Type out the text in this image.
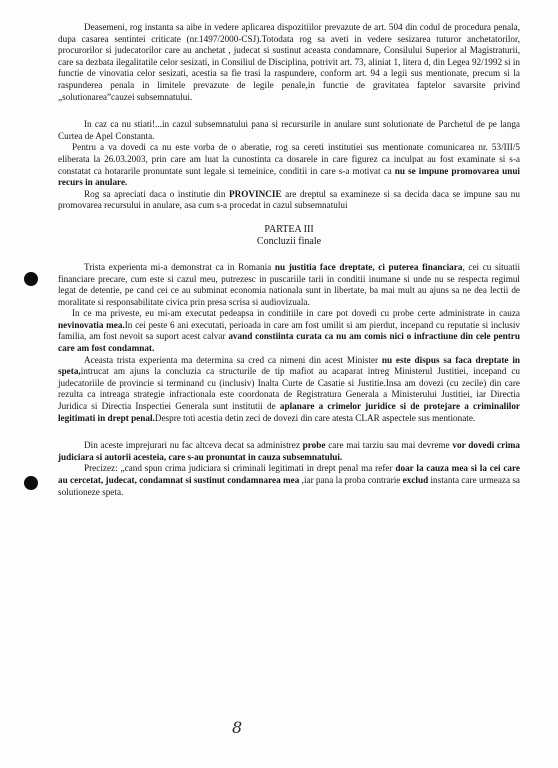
Deasemeni, rog instanta sa aibe in vedere aplicarea dispozitiilor prevazute de art. 504 din codul de procedura penala, dupa casarea sentintei criticate (nr.1497/2000-CSJ).Totodata rog sa aveti in vedere sesizarea tuturor anchetatorilor, procurorilor si judecatorilor care au anchetat , judecat si sustinut aceasta condamnare, Consilului Superior al Magistraturii, care sa dezbata ilegalitatile celor sesizati, in Consiliul de Disciplina, potrivit art. 73, aliniat 1, litera d, din Legea 92/1992 si in functie de vinovatia celor sesizati, acestia sa fie trasi la raspundere, conform art. 94 a legii sus mentionate, precum si la raspunderea penala in limitele prevazute de legile penale,in functie de gravitatea faptelor savarsite privind „solutionarea”cauzei subsemnatului.

In caz ca nu stiati!...in cazul subsemnatului pana si recursurile in anulare sunt solutionate de Parchetul de pe langa Curtea de Apel Constanta.

Pentru a va dovedi ca nu este vorba de o aberatie, rog sa cereti institutiei sus mentionate comunicarea nr. 53/III/5 eliberata la 26.03.2003, prin care am luat la cunostinta ca dosarele in care figurez ca inculpat au fost examinate si s-a constatat ca hotararile pronuntate sunt legale si temeinice, conditii in care s-a motivat ca nu se impune promovarea unui recurs in anulare.

Rog sa apreciati daca o institutie din PROVINCIE are dreptul sa examineze si sa decida daca se impune sau nu promovarea recursului in anulare, asa cum s-a procedat in cazul subsemnatului

PARTEA III

Concluzii finale

Trista experienta mi-a demonstrat ca in Romania nu justitia face dreptate, ci puterea financiara, cei cu situatii financiare precare, cum este si cazul meu, putrezesc in puscariile tarii in conditii inumane si unde nu se respecta regimul legat de detentie, pe cand cei ce au subminat economia nationala sunt in libertate, ba mai mult au ajuns sa ne dea lectii de moralitate si responsabilitate civica prin presa scrisa si audiovizuala.

In ce ma priveste, eu mi-am executat pedeapsa in conditiile in care pot dovedi cu probe certe administrate in cauza nevinovatia mea.In cei peste 6 ani executati, perioada in care am fost umilit si am pierdut, incepand cu reputatie si inclusiv familia, am fost nevoit sa suport acest calvar avand constiinta curata ca nu am comis nici o infractiune din cele pentru care am fost condamnat.

Aceasta trista experienta ma determina sa cred ca nimeni din acest Minister nu este dispus sa faca dreptate in speta,intrucat am ajuns la concluzia ca structurile de tip mafiot au acaparat intreg Ministerul Justitiei, incepand cu judecatoriile de provincie si terminand cu (inclusiv) Inalta Curte de Casatie si Justitie.Insa am dovezi (cu zecile) din care rezulta ca intreaga strategie infractionala este coordonata de Registratura Generala a Ministerului Justitiei, iar Directia Juridica si Directia Inspectiei Generala sunt institutii de aplanare a crimelor juridice si de protejare a criminalilor legitimati in drept penal.Despre toti acestia detin zeci de dovezi din care atesta CLAR aspectele sus mentionate.

Din aceste imprejurari nu fac altceva decat sa administrez probe care mai tarziu sau mai devreme vor dovedi crima judiciara si autorii acesteia, care s-au pronuntat in cauza subsemnatului.

Precizez: „cand spun crima judiciara si criminali legitimati in drept penal ma refer doar la cauza mea si la cei care au cercetat, judecat, condamnat si sustinut condamnarea mea ,iar pana la proba contrarie exclud instanta care urmeaza sa solutioneze speta.

8
